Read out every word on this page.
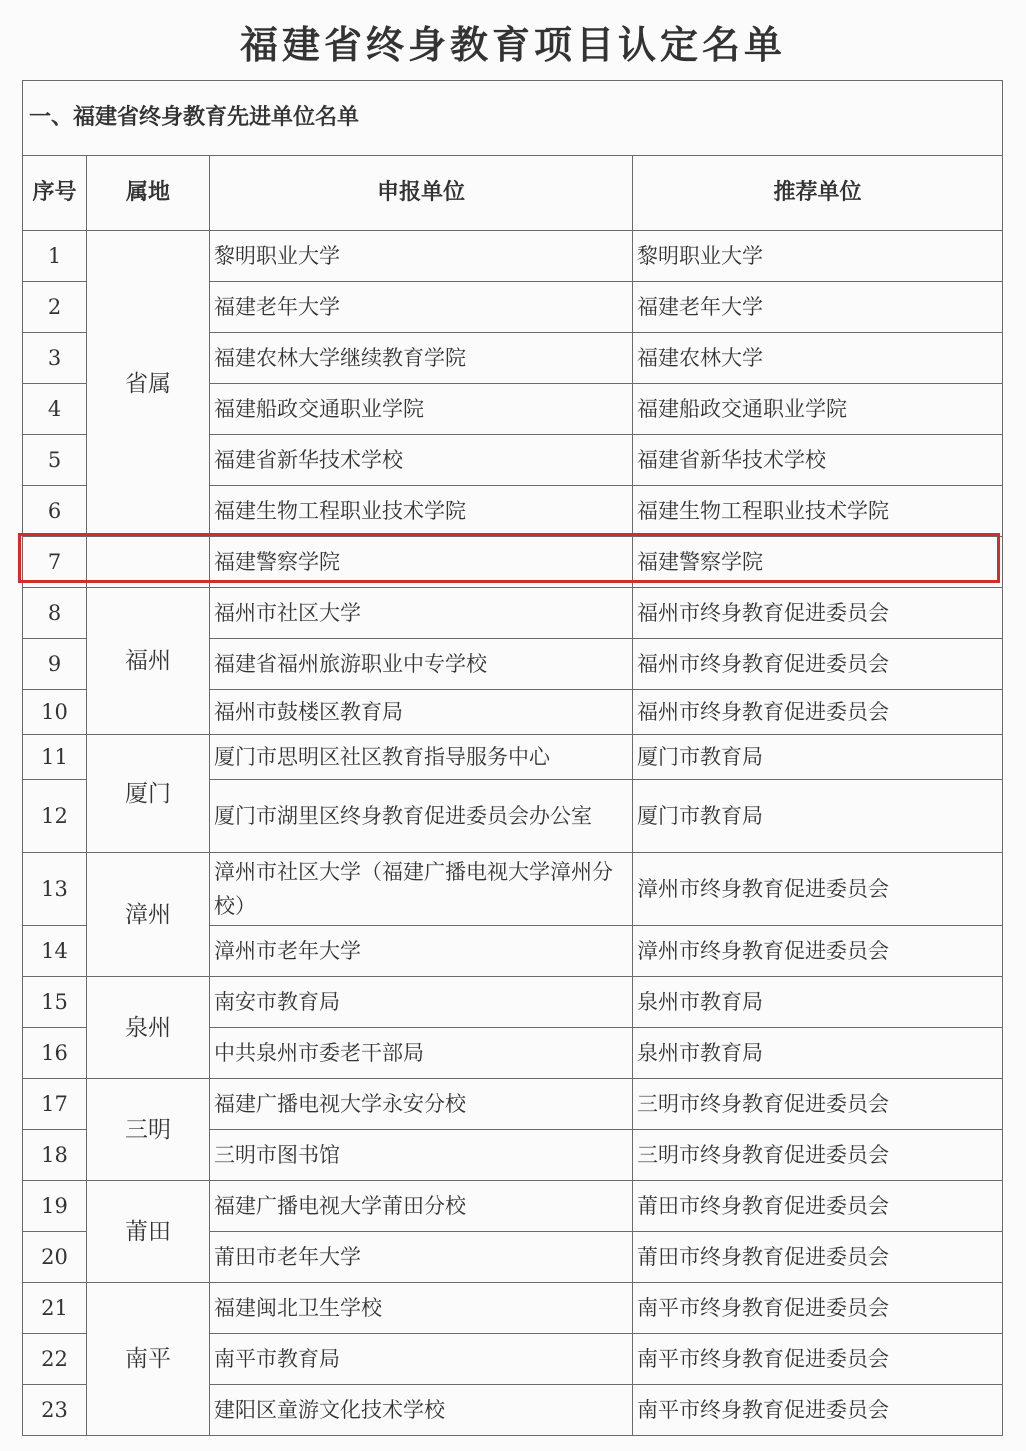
福建省终身教育项目认定名单
一、福建省终身教育先进单位名单			
序号	属地	申报单位	推荐单位
1	省属	黎明职业大学	黎明职业大学
2		福建老年大学	福建老年大学
3		福建农林大学继续教育学院	福建农林大学
4		福建船政交通职业学院	福建船政交通职业学院
5		福建省新华技术学校	福建省新华技术学校
6		福建生物工程职业技术学院	福建生物工程职业技术学院
7		福建警察学院	福建警察学院
8	福州	福州市社区大学	福州市终身教育促进委员会
9		福建省福州旅游职业中专学校	福州市终身教育促进委员会
10		福州市鼓楼区教育局	福州市终身教育促进委员会
11	厦门	厦门市思明区社区教育指导服务中心	厦门市教育局
12		厦门市湖里区终身教育促进委员会办公室	厦门市教育局
13	漳州	漳州市社区大学（福建广播电视大学漳州分校）	漳州市终身教育促进委员会
14		漳州市老年大学	漳州市终身教育促进委员会
15	泉州	南安市教育局	泉州市教育局
16		中共泉州市委老干部局	泉州市教育局
17	三明	福建广播电视大学永安分校	三明市终身教育促进委员会
18		三明市图书馆	三明市终身教育促进委员会
19	莆田	福建广播电视大学莆田分校	莆田市终身教育促进委员会
20		莆田市老年大学	莆田市终身教育促进委员会
21	南平	福建闽北卫生学校	南平市终身教育促进委员会
22		南平市教育局	南平市终身教育促进委员会
23		建阳区童游文化技术学校	南平市终身教育促进委员会
